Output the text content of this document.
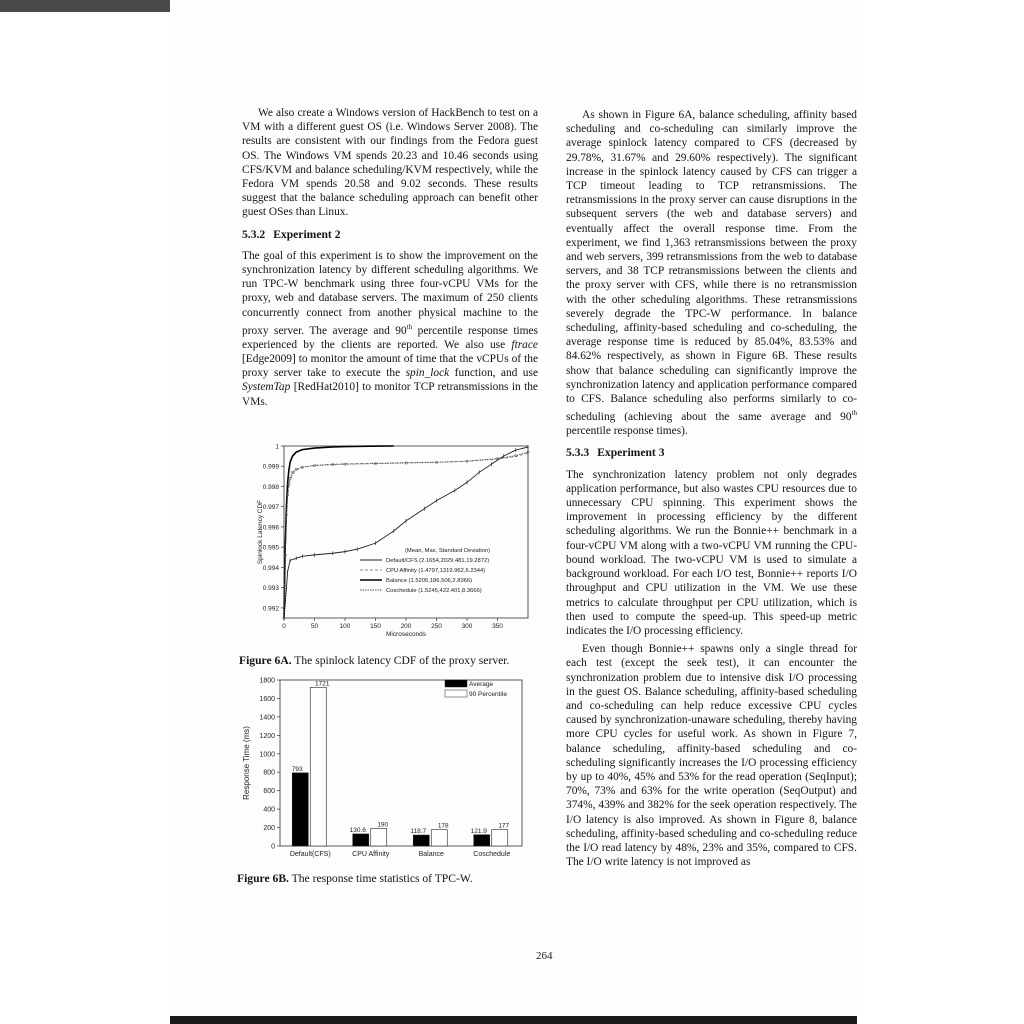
We also create a Windows version of HackBench to test on a VM with a different guest OS (i.e. Windows Server 2008). The results are consistent with our findings from the Fedora guest OS. The Windows VM spends 20.23 and 10.46 seconds using CFS/KVM and balance scheduling/KVM respectively, while the Fedora VM spends 20.58 and 9.02 seconds. These results suggest that the balance scheduling approach can benefit other guest OSes than Linux.

5.3.2 Experiment 2

The goal of this experiment is to show the improvement on the synchronization latency by different scheduling algorithms. We run TPC-W benchmark using three four-vCPU VMs for the proxy, web and database servers. The maximum of 250 clients concurrently connect from another physical machine to the proxy server. The average and 90th percentile response times experienced by the clients are reported. We also use ftrace [Edge2009] to monitor the amount of time that the vCPUs of the proxy server take to execute the spin_lock function, and use SystemTap [RedHat2010] to monitor TCP retransmissions in the VMs.

0.992
0.993
0.994
0.995
0.996
0.997
0.998
0.999
1
0	50	100	150	200	250	300	350
Microseconds
Spinlock Latency CDF	(Mean, Max, Standard Deviation)
Default/CFS (2.1654,2029.481,19.2872)
CPU Affinity (1.4797,1319.962,6.2344)
Balance (1.5205,186.506,2.8366)
Coschedule (1.5245,422.401,8.3666)
Figure 6A. The spinlock latency CDF of the proxy server.
0
200
400
600
800
1000
1200
1400
1600
1800
Response Time (ms)	793
1721
Default(CFS)
130.6
190
CPU Affinity
118.7
178
Balance
121.9
177
Coschedule
Average
90 Percentile
Figure 6B. The response time statistics of TPC-W.

As shown in Figure 6A, balance scheduling, affinity based scheduling and co-scheduling can similarly improve the average spinlock latency compared to CFS (decreased by 29.78%, 31.67% and 29.60% respectively). The significant increase in the spinlock latency caused by CFS can trigger a TCP timeout leading to TCP retransmissions. The retransmissions in the proxy server can cause disruptions in the subsequent servers (the web and database servers) and eventually affect the overall response time. From the experiment, we find 1,363 retransmissions between the proxy and web servers, 399 retransmissions from the web to database servers, and 38 TCP retransmissions between the clients and the proxy server with CFS, while there is no retransmission with the other scheduling algorithms. These retransmissions severely degrade the TPC-W performance. In balance scheduling, affinity-based scheduling and co-scheduling, the average response time is reduced by 85.04%, 83.53% and 84.62% respectively, as shown in Figure 6B. These results show that balance scheduling can significantly improve the synchronization latency and application performance compared to CFS. Balance scheduling also performs similarly to co-scheduling (achieving about the same average and 90th percentile response times).

5.3.3 Experiment 3

The synchronization latency problem not only degrades application performance, but also wastes CPU resources due to unnecessary CPU spinning. This experiment shows the improvement in processing efficiency by the different scheduling algorithms. We run the Bonnie++ benchmark in a four-vCPU VM along with a two-vCPU VM running the CPU-bound workload. The two-vCPU VM is used to simulate a background workload. For each I/O test, Bonnie++ reports I/O throughput and CPU utilization in the VM. We use these metrics to calculate throughput per CPU utilization, which is then used to compute the speed-up. This speed-up metric indicates the I/O processing efficiency.

Even though Bonnie++ spawns only a single thread for each test (except the seek test), it can encounter the synchronization problem due to intensive disk I/O processing in the guest OS. Balance scheduling, affinity-based scheduling and co-scheduling can help reduce excessive CPU cycles caused by synchronization-unaware scheduling, thereby having more CPU cycles for useful work. As shown in Figure 7, balance scheduling, affinity-based scheduling and co-scheduling significantly increases the I/O processing efficiency by up to 40%, 45% and 53% for the read operation (SeqInput); 70%, 73% and 63% for the write operation (SeqOutput) and 374%, 439% and 382% for the seek operation respectively. The I/O latency is also improved. As shown in Figure 8, balance scheduling, affinity-based scheduling and co-scheduling reduce the I/O read latency by 48%, 23% and 35%, compared to CFS. The I/O write latency is not improved as

264
